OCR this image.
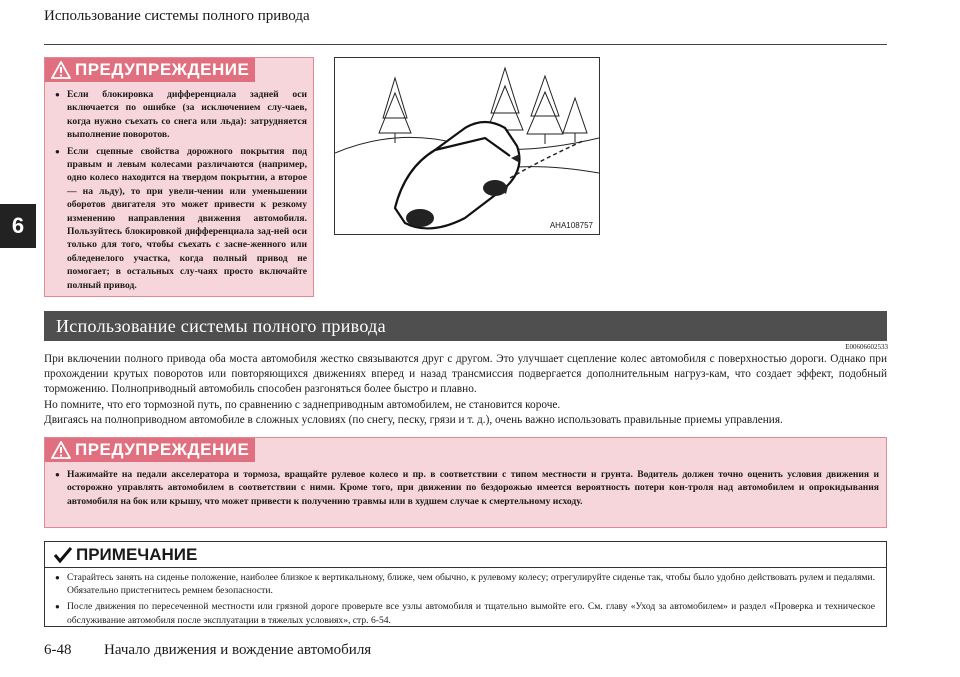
Использование системы полного привода
6
ПРЕДУПРЕЖДЕНИЕ
● Если блокировка дифференциала задней оси включается по ошибке (за исключением слу-чаев, когда нужно съехать со снега или льда): затрудняется выполнение поворотов.
● Если сцепные свойства дорожного покрытия под правым и левым колесами различаются (например, одно колесо находится на твердом покрытии, а второе — на льду), то при увели-чении или уменьшении оборотов двигателя это может привести к резкому изменению направления движения автомобиля. Пользуйтесь блокировкой дифференциала зад-ней оси только для того, чтобы съехать с засне-женного или обледенелого участка, когда полный привод не помогает; в остальных слу-чаях просто включайте полный привод.
AHA108757
Использование системы полного привода
E00606602533

При включении полного привода оба моста автомобиля жестко связываются друг с другом. Это улучшает сцепление колес автомобиля с поверхностью дороги. Однако при прохождении крутых поворотов или повторяющихся движениях вперед и назад трансмиссия подвергается дополнительным нагруз-кам, что создает эффект, подобный торможению. Полноприводный автомобиль способен разгоняться более быстро и плавно.

Но помните, что его тормозной путь, по сравнению с заднеприводным автомобилем, не становится короче.

Двигаясь на полноприводном автомобиле в сложных условиях (по снегу, песку, грязи и т. д.), очень важно использовать правильные приемы управления.

ПРЕДУПРЕЖДЕНИЕ
● Нажимайте на педали акселератора и тормоза, вращайте рулевое колесо и пр. в соответствии с типом местности и грунта. Водитель должен точно оценить условия движения и осторожно управлять автомобилем в соответствии с ними. Кроме того, при движении по бездорожью имеется вероятность потери кон-троля над автомобилем и опрокидывания автомобиля на бок или крышу, что может привести к получению травмы или в худшем случае к смертельному исходу.
ПРИМЕЧАНИЕ
● Старайтесь занять на сиденье положение, наиболее близкое к вертикальному, ближе, чем обычно, к рулевому колесу; отрегулируйте сиденье так, чтобы было удобно действовать рулем и педалями. Обязательно пристегнитесь ремнем безопасности.
● После движения по пересеченной местности или грязной дороге проверьте все узлы автомобиля и тщательно вымойте его. См. главу «Уход за автомобилем» и раздел «Проверка и техническое обслуживание автомобиля после эксплуатации в тяжелых условиях», стр. 6-54.
6-48 Начало движения и вождение автомобиля
